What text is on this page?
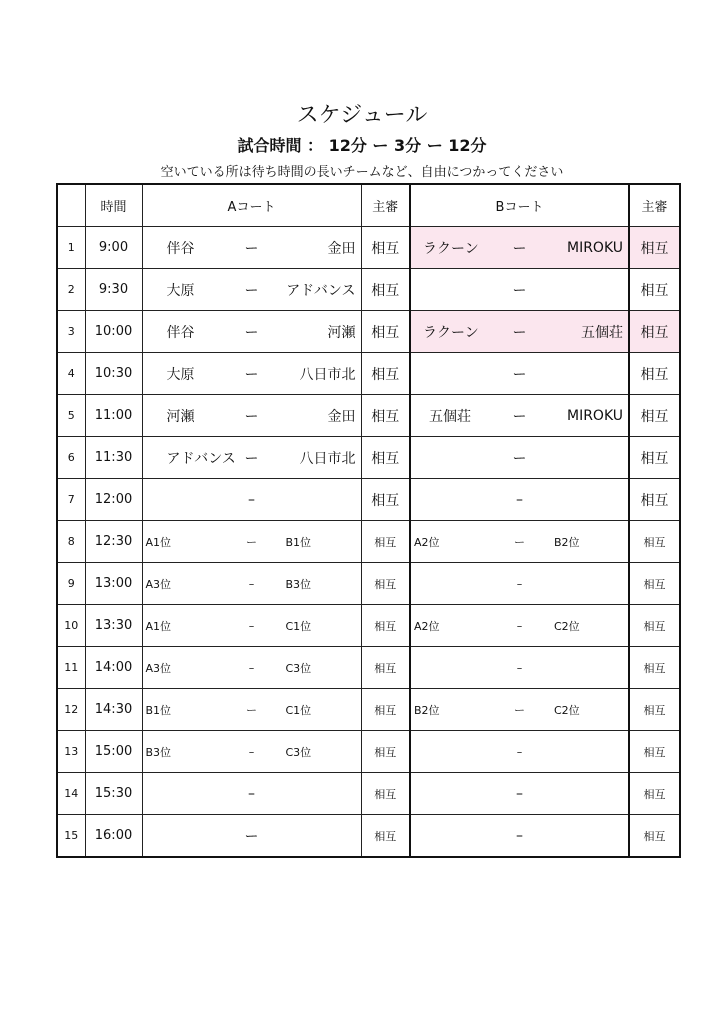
スケジュール
試合時間 ： 12分 ー 3分 ー 12分
空いている所は待ち時間の長いチームなど、自由につかってください
	時間	Aコート	主審	Bコート	主審
1	9:00	伴谷 ー 金田	相互	ラクーン ー MIROKU	相互
2	9:30	大原 ー アドバンス	相互	ー	相互
3	10:00	伴谷 ー 河瀬	相互	ラクーン ー 五個荘	相互
4	10:30	大原 ー 八日市北	相互	ー	相互
5	11:00	河瀬 ー 金田	相互	五個荘 ー MIROKU	相互
6	11:30	アドバンス ー 八日市北	相互	ー	相互
7	12:00	–	相互	–	相互
8	12:30	A1位 ー B1位	相互	A2位 ー B2位	相互
9	13:00	A3位 – B3位	相互	–	相互
10	13:30	A1位 – C1位	相互	A2位 – C2位	相互
11	14:00	A3位 – C3位	相互	–	相互
12	14:30	B1位 ー C1位	相互	B2位 ー C2位	相互
13	15:00	B3位 – C3位	相互	–	相互
14	15:30	–	相互	–	相互
15	16:00	ー	相互	–	相互
